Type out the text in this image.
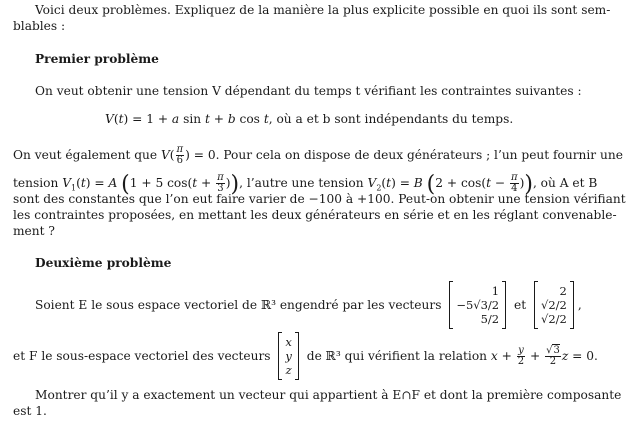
Voici deux problèmes. Expliquez de la manière la plus explicite possible en quoi ils sont sem-
blables :
Premier problème
On veut obtenir une tension V dépendant du temps t vérifiant les contraintes suivantes :
V(t) = 1 + a sin t + b cos t, où a et b sont indépendants du temps.
On veut également que $V( \frac{\pi}{6}$ ) = 0. Pour cela on dispose de deux générateurs ; l’un peut fournir une
tension $V_1(t) = A$ (1 + 5 $\cos(t + \frac{\pi}{3}$ )), l’autre une tension $V_2(t) = B$ ($2 + \cos(t - \frac{\pi}{4}$ )), où A et B
sont des constantes que l’on eut faire varier de −100 à +100. Peut-on obtenir une tension vérifiant
les contraintes proposées, en mettant les deux générateurs en série et en les réglant convenable-
ment ?
Deuxième problème
Soient E le sous espace vectoriel de ℝ³ engendré par les vecteurs
1
−5√3/2
5/2
et
2
√2/2
√2/2
,
et F le sous-espace vectoriel des vecteurs
x
y
z
de ℝ³ qui vérifient la relation $x + \frac{y}{2} + \frac{√3}{2}$ z = 0.
Montrer qu’il y a exactement un vecteur qui appartient à E∩F et dont la première composante
est 1.
